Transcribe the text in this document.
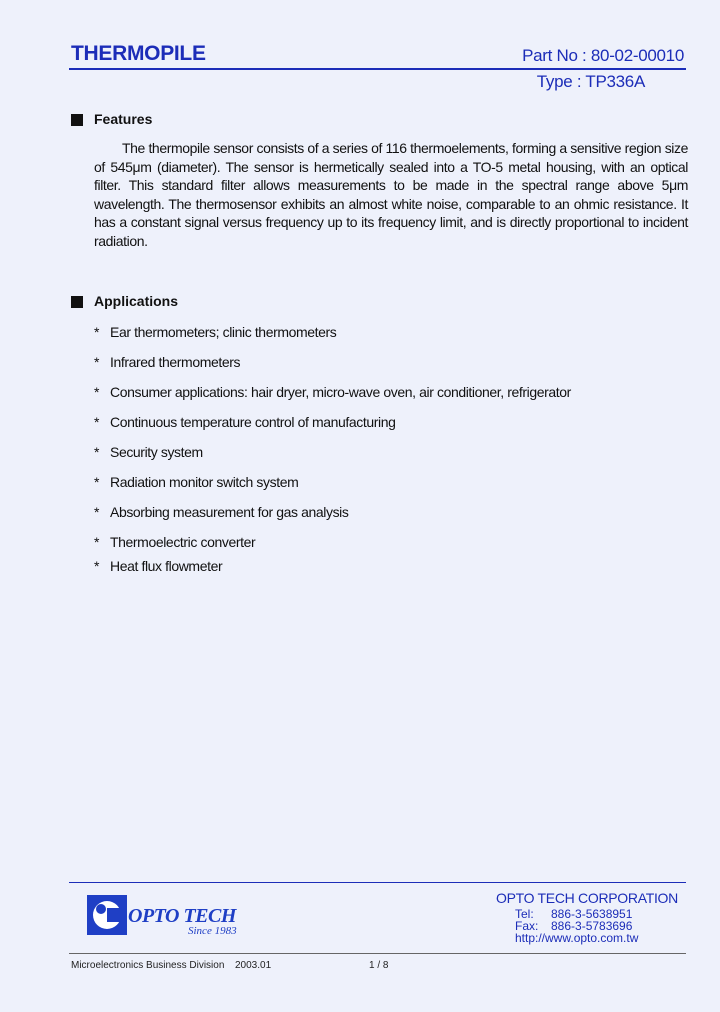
THERMOPILE	Part No : 80-02-00010
Type : TP336A
Features

The thermopile sensor consists of a series of 116 thermoelements, forming a sensitive region size of 545μm (diameter). The sensor is hermetically sealed into a TO-5 metal housing, with an optical filter. This standard filter allows measurements to be made in the spectral range above 5μm wavelength. The thermosensor exhibits an almost white noise, comparable to an ohmic resistance. It has a constant signal versus frequency up to its frequency limit, and is directly proportional to incident radiation.

Applications
* Ear thermometers; clinic thermometers
* Infrared thermometers
* Consumer applications: hair dryer, micro-wave oven, air conditioner, refrigerator
* Continuous temperature control of manufacturing
* Security system
* Radiation monitor switch system
* Absorbing measurement for gas analysis
* Thermoelectric converter
* Heat flux flowmeter
OPTO TECH
Since 1983
OPTO TECH CORPORATION
Tel: 886-3-5638951
Fax: 886-3-5783696
http://www.opto.com.tw
Microelectronics Business Division 2003.01	1 / 8
